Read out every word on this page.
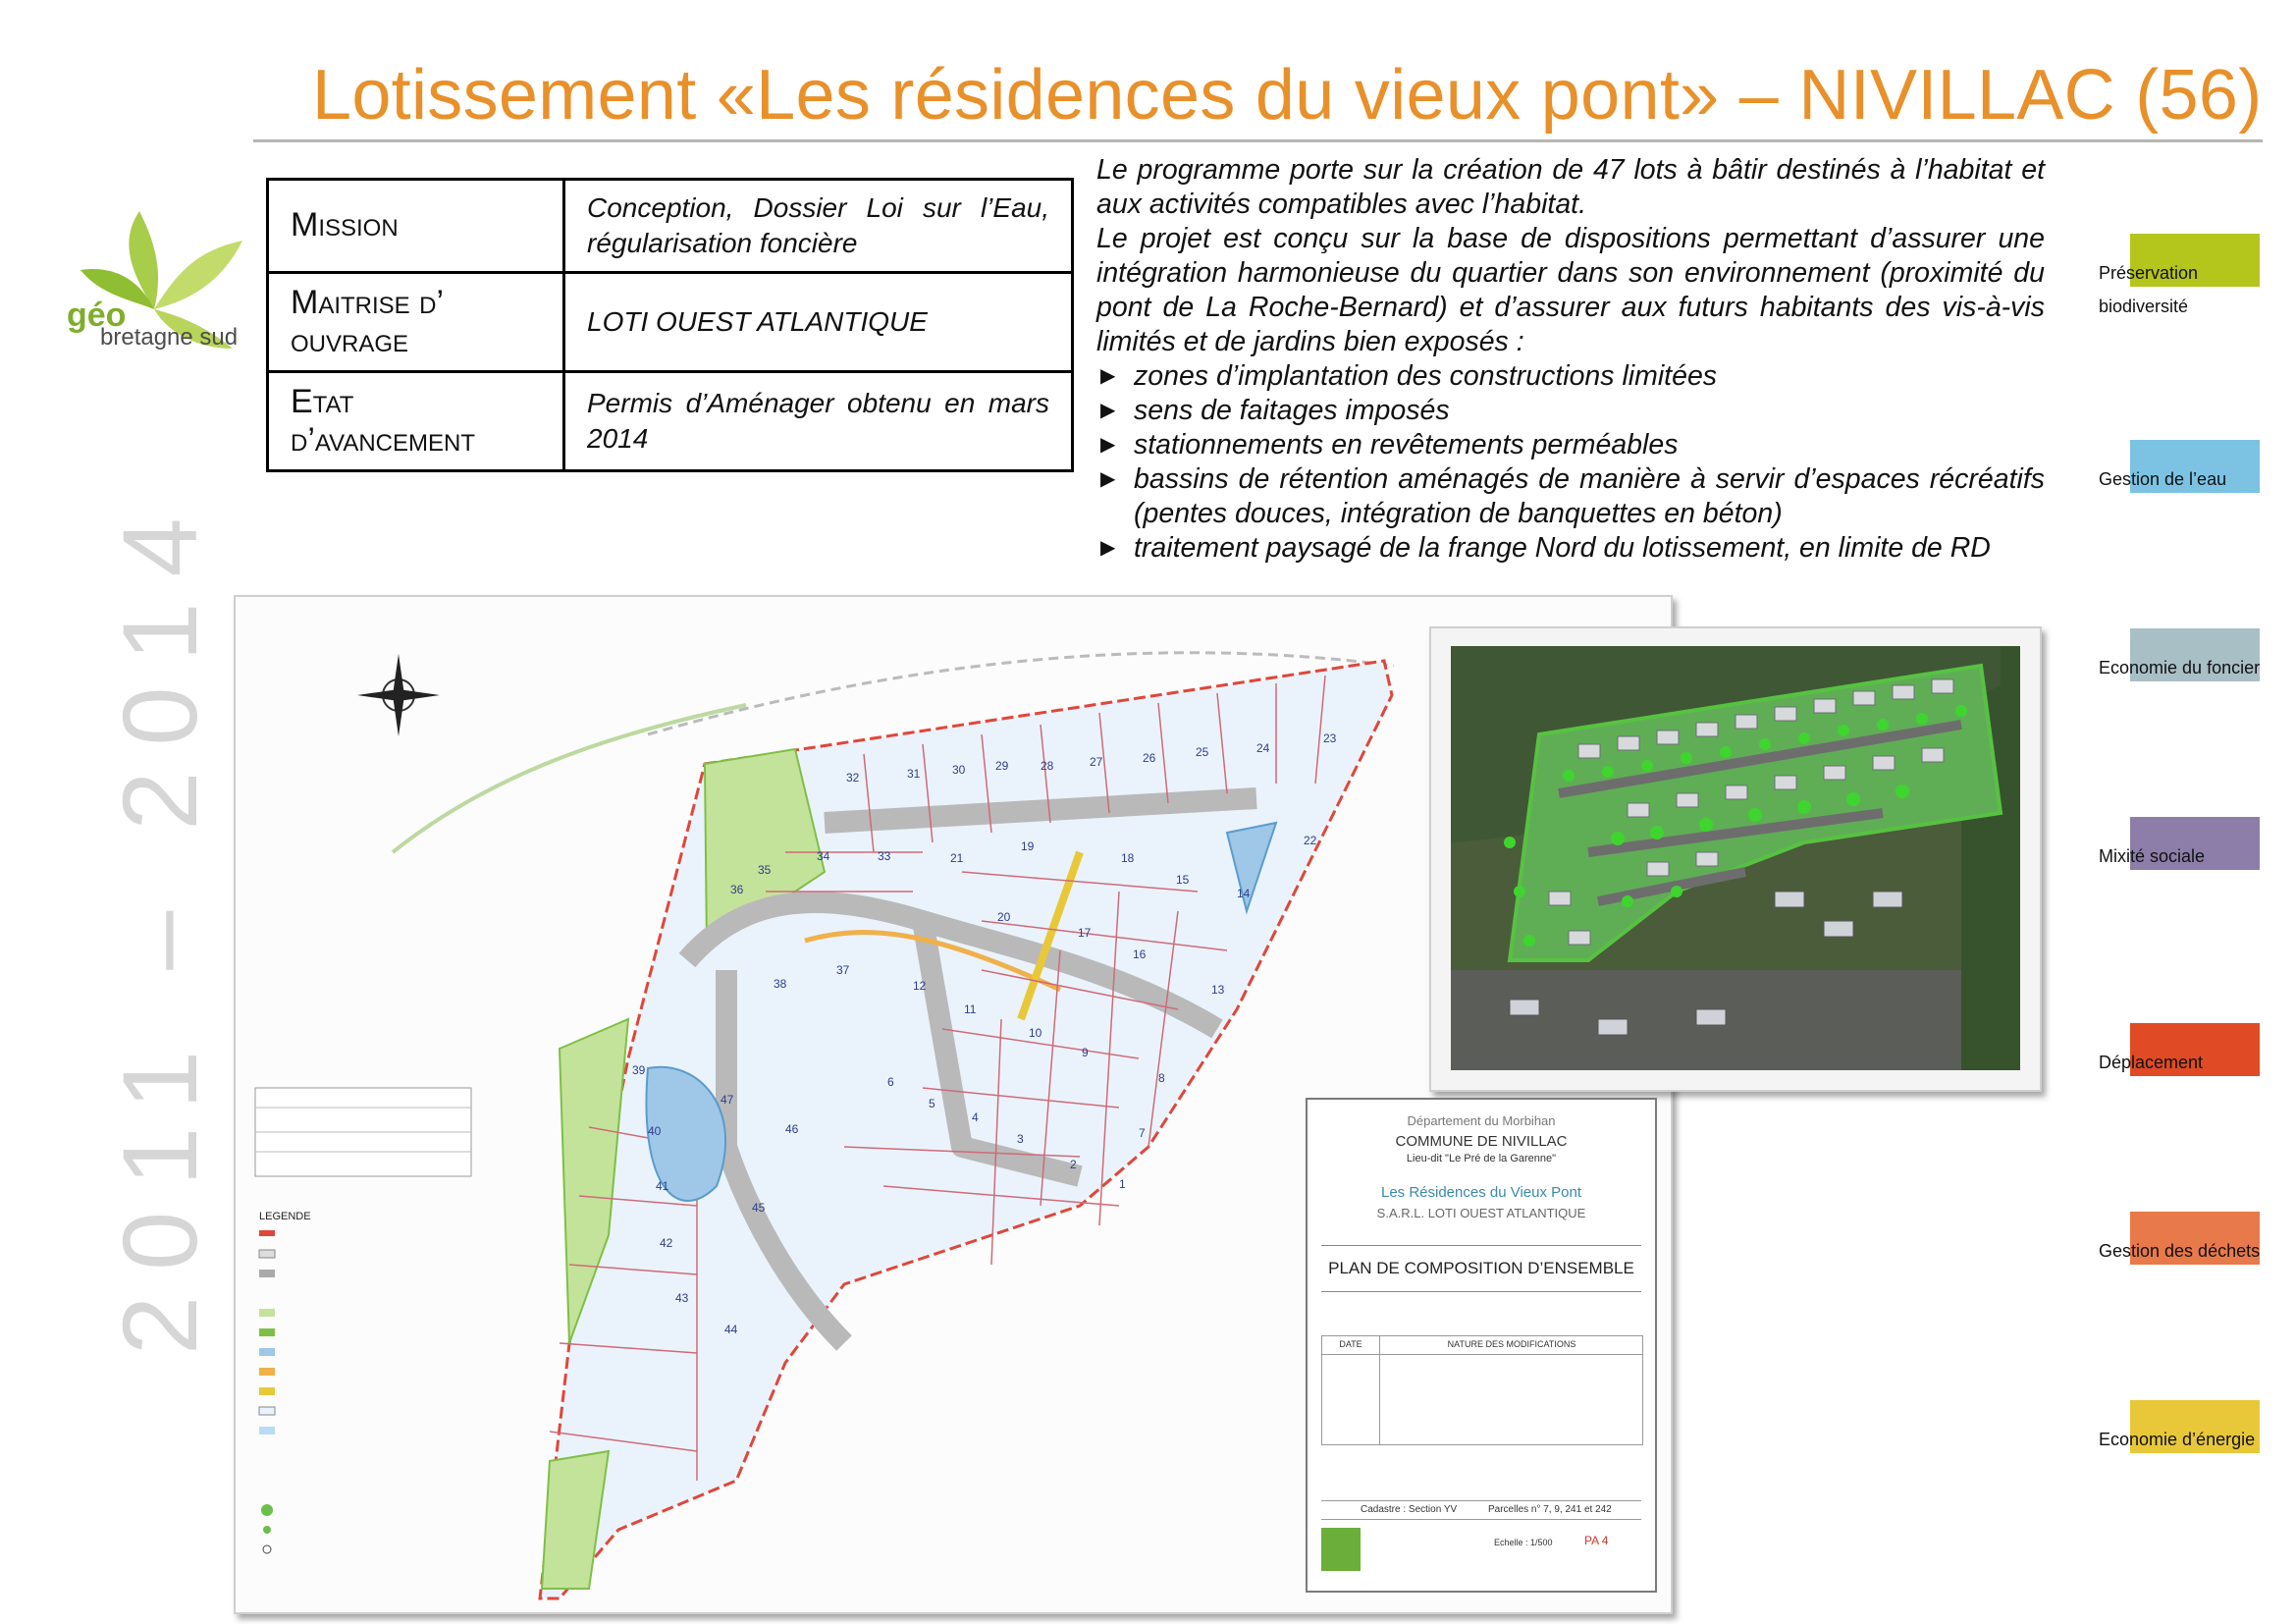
Lotissement «Les résidences du vieux pont» – NIVILLAC (56)
2011 – 2014
géo
bretagne sud
Mission	Conception, Dossier Loi sur l’Eau, régularisation foncière
Maitrise d’ ouvrage	LOTI OUEST ATLANTIQUE
Etat d’avancement	Permis d’Aménager obtenu en mars 2014

Le programme porte sur la création de 47 lots à bâtir destinés à l’habitat et aux activités compatibles avec l’habitat.

Le projet est conçu sur la base de dispositions permettant d’assurer une intégration harmonieuse du quartier dans son environnement (proximité du pont de La Roche-Bernard) et d’assurer aux futurs habitants des vis-à-vis limités et de jardins bien exposés :

▶ zones d’implantation des constructions limitées
▶ sens de faitages imposés
▶ stationnements en revêtements perméables
▶ bassins de rétention aménagés de manière à servir d’espaces récréatifs (pentes douces, intégration de banquettes en béton)
▶ traitement paysagé de la frange Nord du lotissement, en limite de RD
Préservation
biodiversité
Gestion de l’eau
Economie du foncier
Mixité sociale
Déplacement
Gestion des déchets
Economie d’énergie
23
24
25
26
27
28
29
30
31
32
33
34
35
36
37
38
39
40
41
42
43
44
45
46
47
22
14
13
15
16
17
18
19
20
21
12
11
10
9
8
7
6
5
4
3
2
1
LEGENDE
Département du Morbihan
COMMUNE DE NIVILLAC
Lieu-dit "Le Pré de la Garenne"
Les Résidences du Vieux Pont
S.A.R.L. LOTI OUEST ATLANTIQUE
PLAN DE COMPOSITION D’ENSEMBLE
DATE	NATURE DES MODIFICATIONS
Cadastre : Section YV	Parcelles n° 7, 9, 241 et 242
Echelle : 1/500	PA 4
